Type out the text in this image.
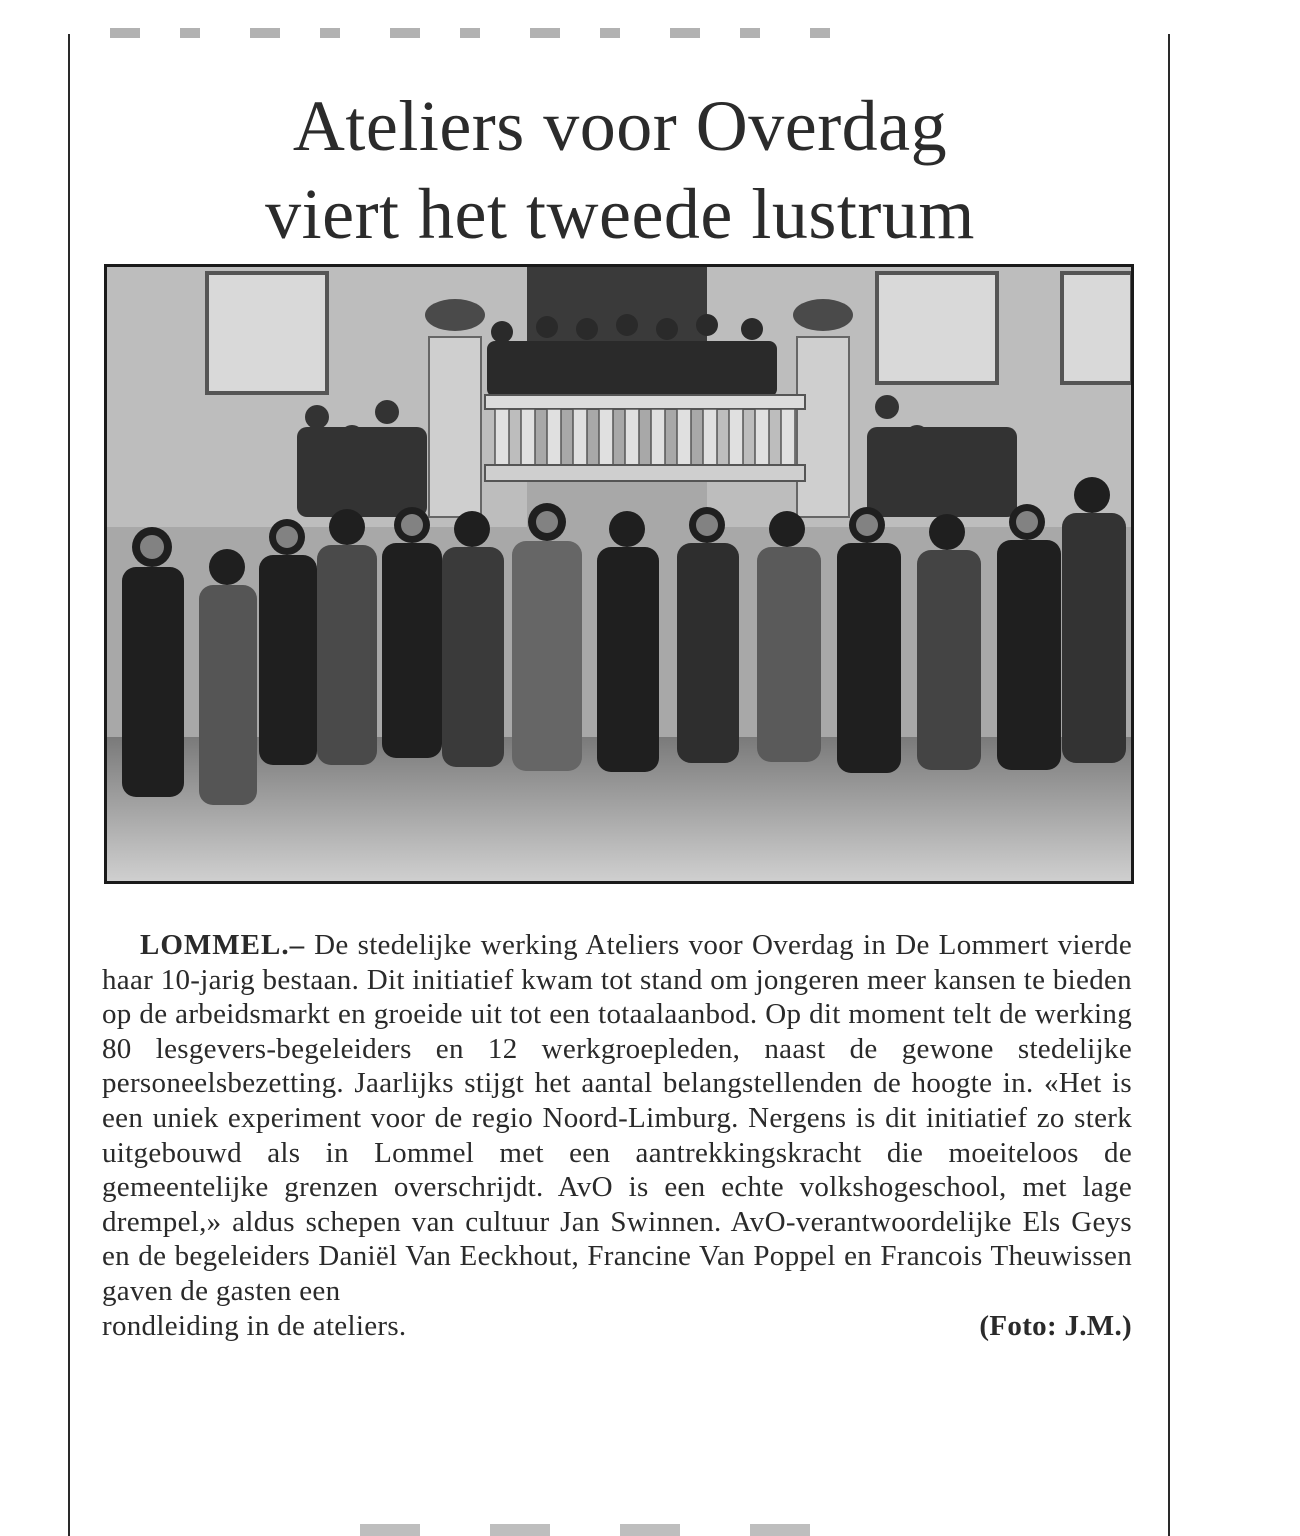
Ateliers voor Overdag
viert het tweede lustrum
LOMMEL.– De stedelijke werking Ateliers voor Overdag in De Lommert vierde haar 10-jarig bestaan. Dit initiatief kwam tot stand om jongeren meer kansen te bieden op de arbeidsmarkt en groeide uit tot een totaalaanbod. Op dit moment telt de werking 80 lesgevers-begeleiders en 12 werkgroepleden, naast de gewone stedelijke personeelsbezetting. Jaarlijks stijgt het aantal belangstellenden de hoogte in. «Het is een uniek experiment voor de regio Noord-Limburg. Nergens is dit initiatief zo sterk uitgebouwd als in Lommel met een aantrekkingskracht die moeiteloos de gemeentelijke grenzen overschrijdt. AvO is een echte volkshogeschool, met lage drempel,» aldus schepen van cultuur Jan Swinnen. AvO-verantwoordelijke Els Geys en de begeleiders Daniël Van Eeckhout, Francine Van Poppel en Francois Theuwissen gaven de gasten een
rondleiding in de ateliers.	(Foto: J.M.)
